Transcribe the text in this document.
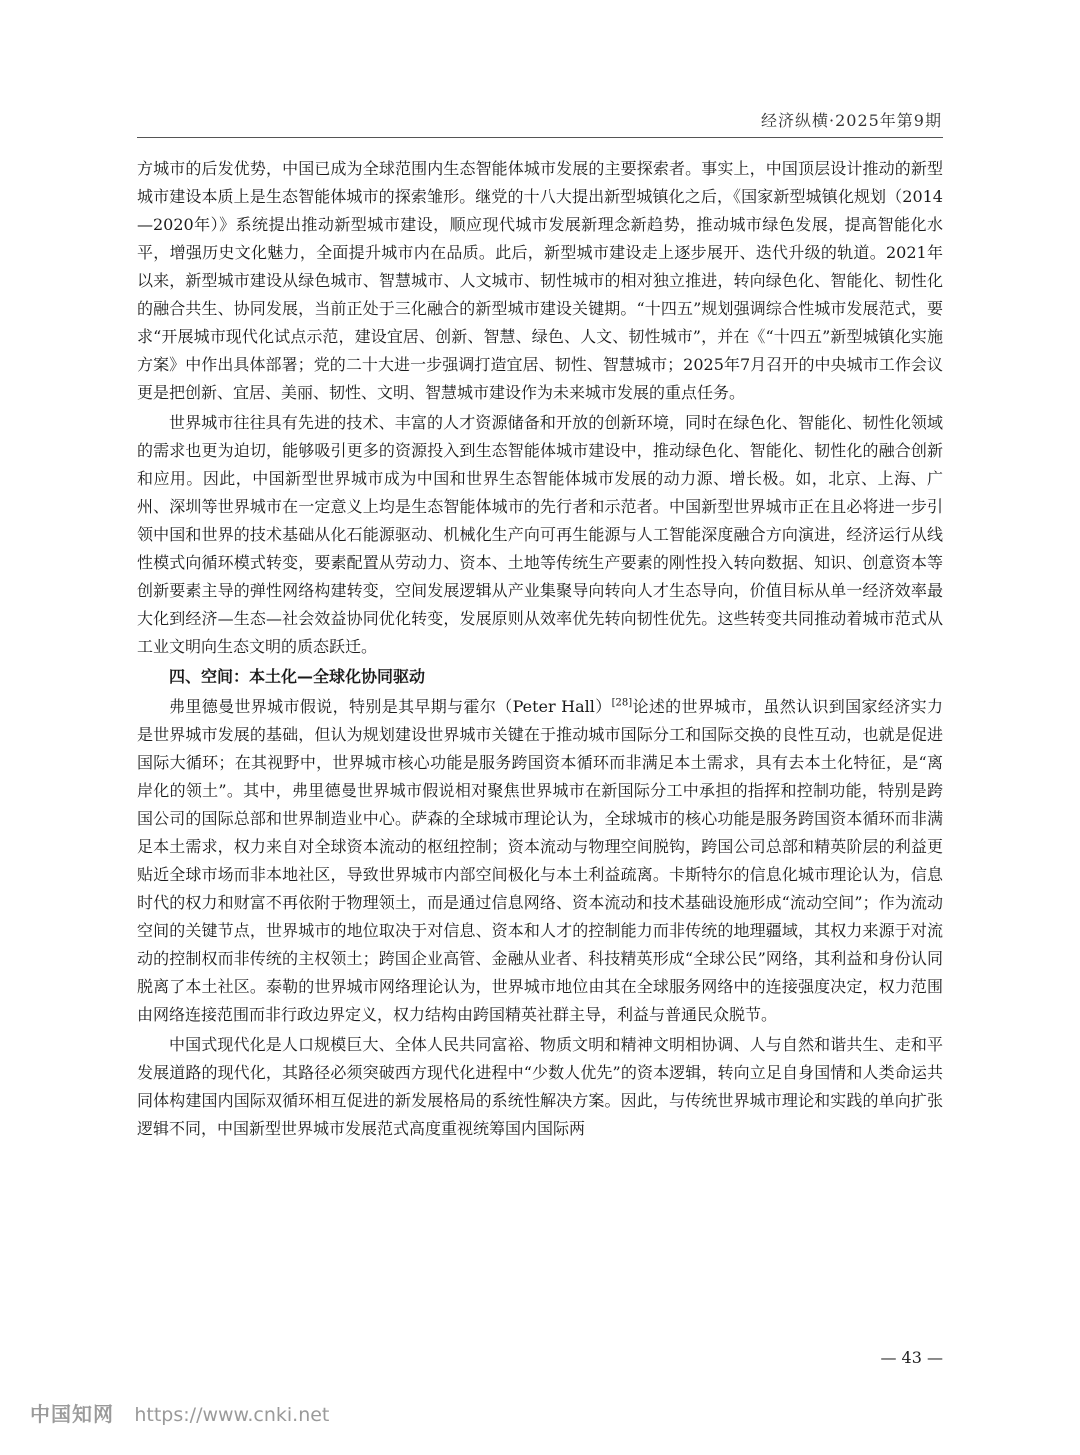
经济纵横·2025年第9期

方城市的后发优势，中国已成为全球范围内生态智能体城市发展的主要探索者。事实上，中国顶层设计推动的新型城市建设本质上是生态智能体城市的探索雏形。继党的十八大提出新型城镇化之后，《国家新型城镇化规划（2014—2020年）》系统提出推动新型城市建设，顺应现代城市发展新理念新趋势，推动城市绿色发展，提高智能化水平，增强历史文化魅力，全面提升城市内在品质。此后，新型城市建设走上逐步展开、迭代升级的轨道。2021年以来，新型城市建设从绿色城市、智慧城市、人文城市、韧性城市的相对独立推进，转向绿色化、智能化、韧性化的融合共生、协同发展，当前正处于三化融合的新型城市建设关键期。“十四五”规划强调综合性城市发展范式，要求“开展城市现代化试点示范，建设宜居、创新、智慧、绿色、人文、韧性城市”，并在《“十四五”新型城镇化实施方案》中作出具体部署；党的二十大进一步强调打造宜居、韧性、智慧城市；2025年7月召开的中央城市工作会议更是把创新、宜居、美丽、韧性、文明、智慧城市建设作为未来城市发展的重点任务。

世界城市往往具有先进的技术、丰富的人才资源储备和开放的创新环境，同时在绿色化、智能化、韧性化领域的需求也更为迫切，能够吸引更多的资源投入到生态智能体城市建设中，推动绿色化、智能化、韧性化的融合创新和应用。因此，中国新型世界城市成为中国和世界生态智能体城市发展的动力源、增长极。如，北京、上海、广州、深圳等世界城市在一定意义上均是生态智能体城市的先行者和示范者。中国新型世界城市正在且必将进一步引领中国和世界的技术基础从化石能源驱动、机械化生产向可再生能源与人工智能深度融合方向演进，经济运行从线性模式向循环模式转变，要素配置从劳动力、资本、土地等传统生产要素的刚性投入转向数据、知识、创意资本等创新要素主导的弹性网络构建转变，空间发展逻辑从产业集聚导向转向人才生态导向，价值目标从单一经济效率最大化到经济—生态—社会效益协同优化转变，发展原则从效率优先转向韧性优先。这些转变共同推动着城市范式从工业文明向生态文明的质态跃迁。

四、空间：本土化—全球化协同驱动

弗里德曼世界城市假说，特别是其早期与霍尔（Peter Hall）[28]论述的世界城市，虽然认识到国家经济实力是世界城市发展的基础，但认为规划建设世界城市关键在于推动城市国际分工和国际交换的良性互动，也就是促进国际大循环；在其视野中，世界城市核心功能是服务跨国资本循环而非满足本土需求，具有去本土化特征，是“离岸化的领土”。其中，弗里德曼世界城市假说相对聚焦世界城市在新国际分工中承担的指挥和控制功能，特别是跨国公司的国际总部和世界制造业中心。萨森的全球城市理论认为，全球城市的核心功能是服务跨国资本循环而非满足本土需求，权力来自对全球资本流动的枢纽控制；资本流动与物理空间脱钩，跨国公司总部和精英阶层的利益更贴近全球市场而非本地社区，导致世界城市内部空间极化与本土利益疏离。卡斯特尔的信息化城市理论认为，信息时代的权力和财富不再依附于物理领土，而是通过信息网络、资本流动和技术基础设施形成“流动空间”；作为流动空间的关键节点，世界城市的地位取决于对信息、资本和人才的控制能力而非传统的地理疆域，其权力来源于对流动的控制权而非传统的主权领土；跨国企业高管、金融从业者、科技精英形成“全球公民”网络，其利益和身份认同脱离了本土社区。泰勒的世界城市网络理论认为，世界城市地位由其在全球服务网络中的连接强度决定，权力范围由网络连接范围而非行政边界定义，权力结构由跨国精英社群主导，利益与普通民众脱节。

中国式现代化是人口规模巨大、全体人民共同富裕、物质文明和精神文明相协调、人与自然和谐共生、走和平发展道路的现代化，其路径必须突破西方现代化进程中“少数人优先”的资本逻辑，转向立足自身国情和人类命运共同体构建国内国际双循环相互促进的新发展格局的系统性解决方案。因此，与传统世界城市理论和实践的单向扩张逻辑不同，中国新型世界城市发展范式高度重视统筹国内国际两

— 43 —
中国知网 https://www.cnki.net
